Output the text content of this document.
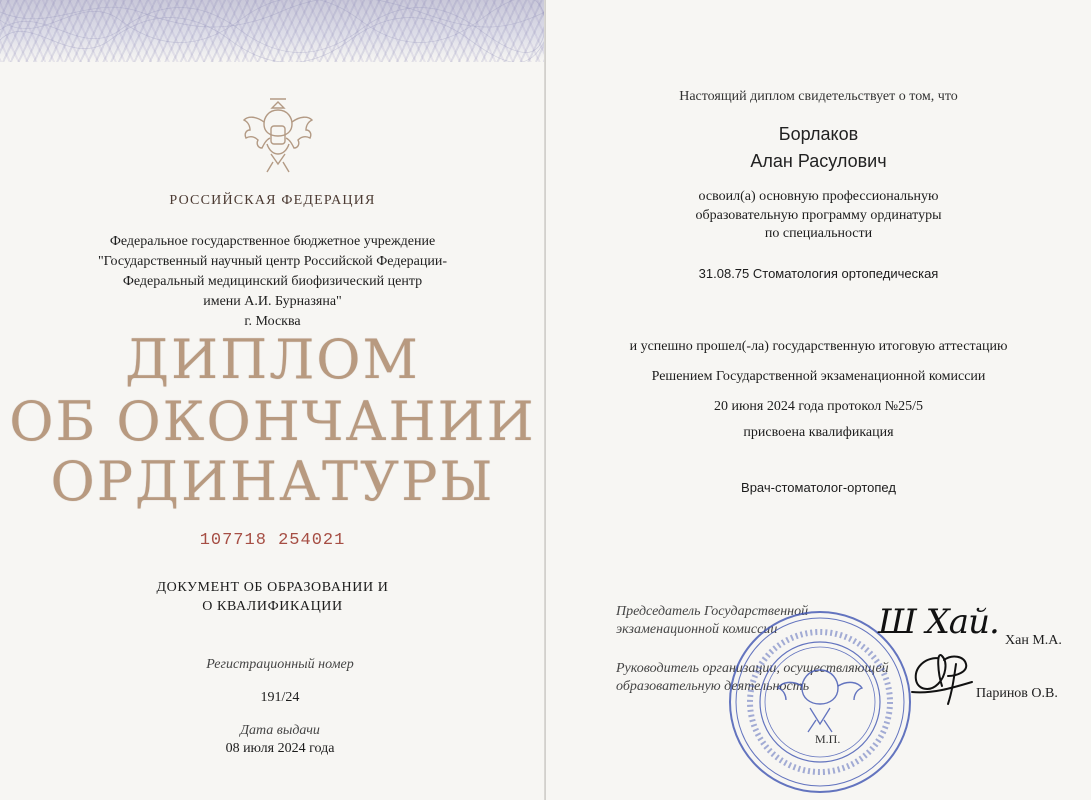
РОССИЙСКАЯ ФЕДЕРАЦИЯ
Федеральное государственное бюджетное учреждение
"Государственный научный центр Российской Федерации-
Федеральный медицинский биофизический центр
имени А.И. Бурназяна"
г. Москва
ДИПЛОМ
ОБ ОКОНЧАНИИ
ОРДИНАТУРЫ
107718 254021
ДОКУМЕНТ ОБ ОБРАЗОВАНИИ И
О КВАЛИФИКАЦИИ
Регистрационный номер
191/24
Дата выдачи
08 июля 2024 года
Настоящий диплом свидетельствует о том, что
Борлаков
Алан Расулович
освоил(а) основную профессиональную
образовательную программу ординатуры
по специальности
31.08.75 Стоматология ортопедическая
и успешно прошел(-ла) государственную итоговую аттестацию
Решением Государственной экзаменационной комиссии
20 июня 2024 года протокол №25/5
присвоена квалификация
Врач-стоматолог-ортопед
Председатель Государственной
экзаменационной комиссии
Руководитель организации, осуществляющей
образовательную деятельность
М.П.
Ш Хай. Хан М.А.
Паринов О.В.
